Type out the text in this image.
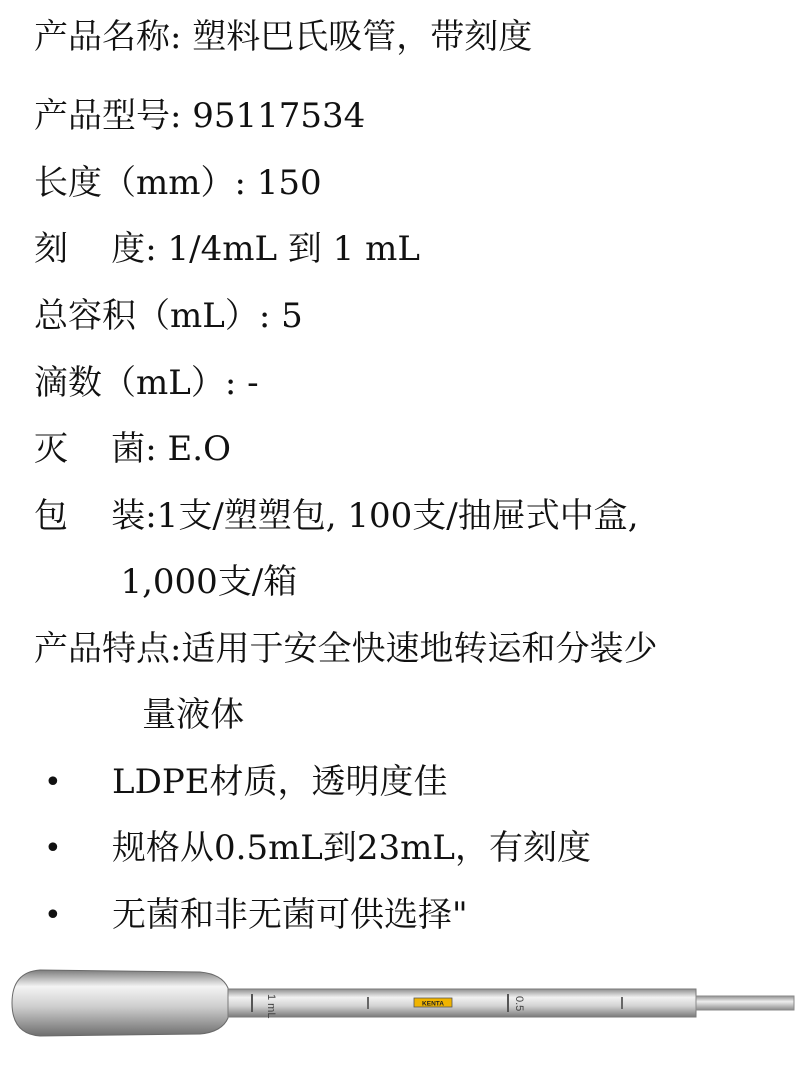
产品名称: 塑料巴氏吸管，带刻度
产品型号: 95117534
长度（mm）: 150
刻    度: 1/4mL 到 1 mL
总容积（mL）: 5
滴数（mL）: -
灭    菌: E.O
包    装:1支/塑塑包, 100支/抽屉式中盒,
1,000支/箱
产品特点:适用于安全快速地转运和分装少
量液体
• LDPE材质，透明度佳
• 规格从0.5mL到23mL，有刻度
• 无菌和非无菌可供选择"
1 mL	0.5
KENTA
